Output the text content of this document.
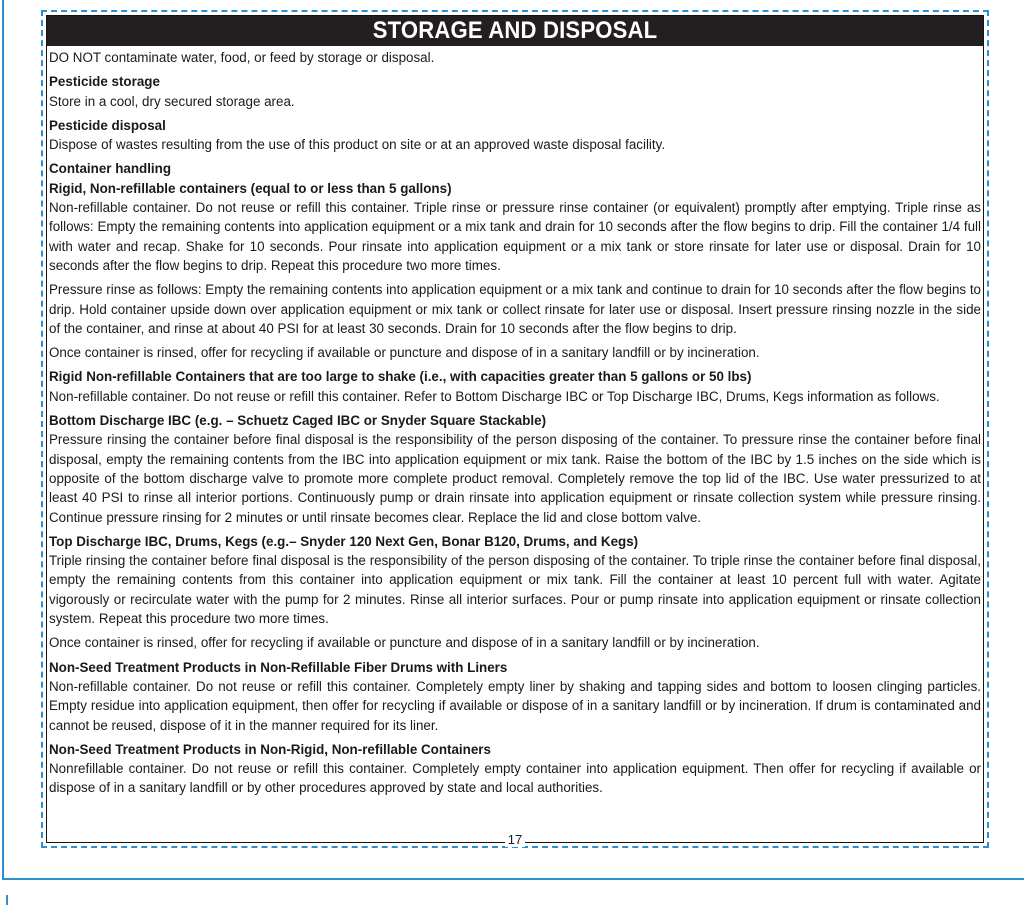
STORAGE AND DISPOSAL

DO NOT contaminate water, food, or feed by storage or disposal.

Pesticide storage

Store in a cool, dry secured storage area.

Pesticide disposal

Dispose of wastes resulting from the use of this product on site or at an approved waste disposal facility.

Container handling

Rigid, Non-refillable containers (equal to or less than 5 gallons)

Non-refillable container. Do not reuse or refill this container. Triple rinse or pressure rinse container (or equivalent) promptly after emptying. Triple rinse as follows: Empty the remaining contents into application equipment or a mix tank and drain for 10 seconds after the flow begins to drip. Fill the container 1/4 full with water and recap. Shake for 10 seconds. Pour rinsate into application equipment or a mix tank or store rinsate for later use or disposal. Drain for 10 seconds after the flow begins to drip. Repeat this procedure two more times.

Pressure rinse as follows: Empty the remaining contents into application equipment or a mix tank and continue to drain for 10 seconds after the flow begins to drip. Hold container upside down over application equipment or mix tank or collect rinsate for later use or disposal. Insert pressure rinsing nozzle in the side of the container, and rinse at about 40 PSI for at least 30 seconds. Drain for 10 seconds after the flow begins to drip.

Once container is rinsed, offer for recycling if available or puncture and dispose of in a sanitary landfill or by incineration.

Rigid Non-refillable Containers that are too large to shake (i.e., with capacities greater than 5 gallons or 50 lbs)

Non-refillable container. Do not reuse or refill this container. Refer to Bottom Discharge IBC or Top Discharge IBC, Drums, Kegs information as follows.

Bottom Discharge IBC (e.g. – Schuetz Caged IBC or Snyder Square Stackable)

Pressure rinsing the container before final disposal is the responsibility of the person disposing of the container. To pressure rinse the container before final disposal, empty the remaining contents from the IBC into application equipment or mix tank. Raise the bottom of the IBC by 1.5 inches on the side which is opposite of the bottom discharge valve to promote more complete product removal. Completely remove the top lid of the IBC. Use water pressurized to at least 40 PSI to rinse all interior portions. Continuously pump or drain rinsate into application equipment or rinsate collection system while pressure rinsing. Continue pressure rinsing for 2 minutes or until rinsate becomes clear. Replace the lid and close bottom valve.

Top Discharge IBC, Drums, Kegs (e.g.– Snyder 120 Next Gen, Bonar B120, Drums, and Kegs)

Triple rinsing the container before final disposal is the responsibility of the person disposing of the container. To triple rinse the container before final disposal, empty the remaining contents from this container into application equipment or mix tank. Fill the container at least 10 percent full with water. Agitate vigorously or recirculate water with the pump for 2 minutes. Rinse all interior surfaces. Pour or pump rinsate into application equipment or rinsate collection system. Repeat this procedure two more times.

Once container is rinsed, offer for recycling if available or puncture and dispose of in a sanitary landfill or by incineration.

Non-Seed Treatment Products in Non-Refillable Fiber Drums with Liners

Non-refillable container. Do not reuse or refill this container. Completely empty liner by shaking and tapping sides and bottom to loosen clinging particles. Empty residue into application equipment, then offer for recycling if available or dispose of in a sanitary landfill or by incineration. If drum is contaminated and cannot be reused, dispose of it in the manner required for its liner.

Non-Seed Treatment Products in Non-Rigid, Non-refillable Containers

Nonrefillable container. Do not reuse or refill this container. Completely empty container into application equipment. Then offer for recycling if available or dispose of in a sanitary landfill or by other procedures approved by state and local authorities.

17
